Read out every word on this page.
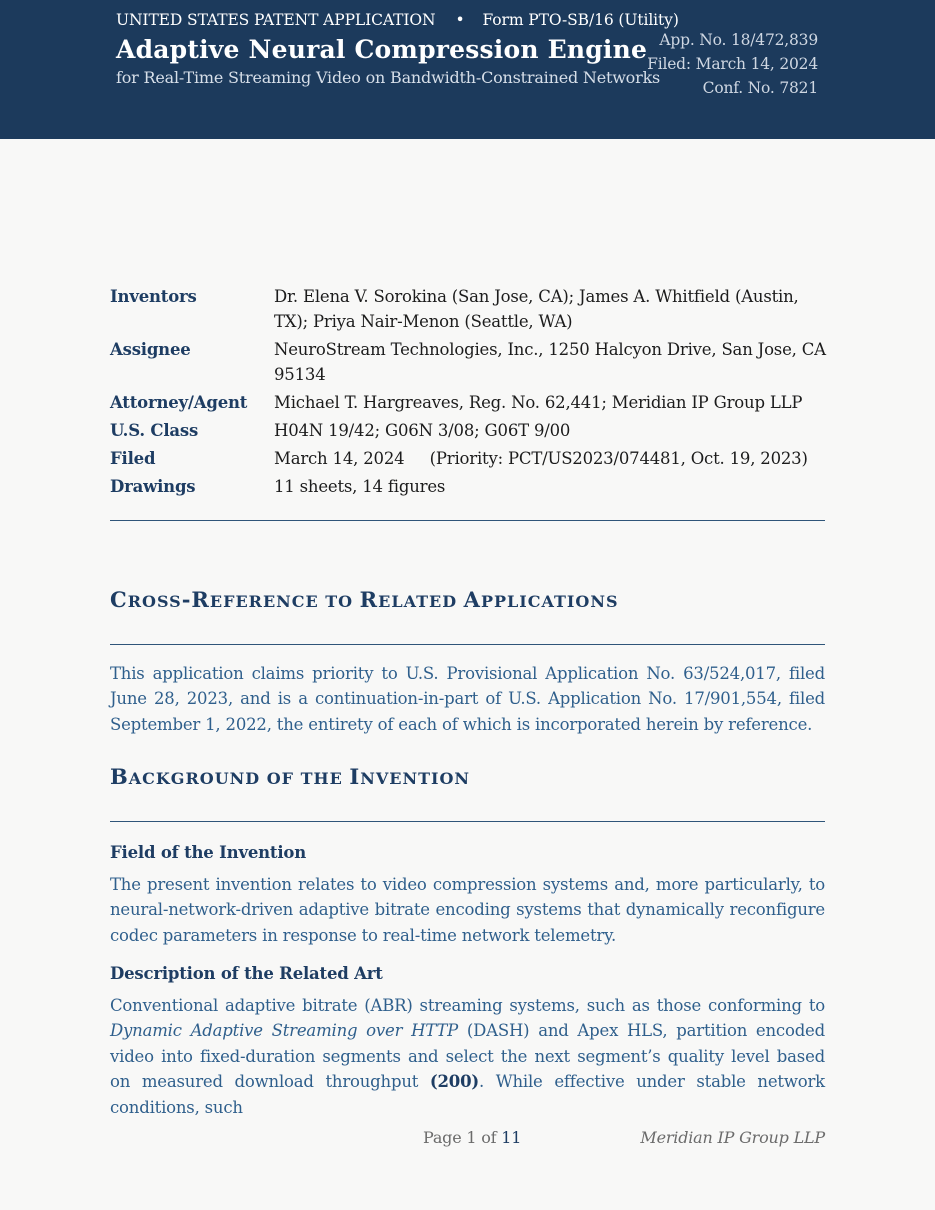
UNITED STATES PATENT APPLICATION • Form PTO-SB/16 (Utility)
Adaptive Neural Compression Engine
for Real-Time Streaming Video on Bandwidth-Constrained Networks
App. No. 18/472,839
Filed: March 14, 2024
Conf. No. 7821
Inventors	Dr. Elena V. Sorokina (San Jose, CA); James A. Whitfield (Austin, TX); Priya Nair-Menon (Seattle, WA)
Assignee	NeuroStream Technologies, Inc., 1250 Halcyon Drive, San Jose, CA 95134
Attorney/Agent	Michael T. Hargreaves, Reg. No. 62,441; Meridian IP Group LLP
U.S. Class	H04N 19/42; G06N 3/08; G06T 9/00
Filed	March 14, 2024     (Priority: PCT/US2023/074481, Oct. 19, 2023)
Drawings	11 sheets, 14 figures
CROSS-REFERENCE TO RELATED APPLICATIONS
This application claims priority to U.S. Provisional Application No. 63/524,017, filed June 28, 2023, and is a continuation-in-part of U.S. Application No. 17/901,554, filed September 1, 2022, the entirety of each of which is incorporated herein by reference.
BACKGROUND OF THE INVENTION
Field of the Invention
The present invention relates to video compression systems and, more particularly, to neural-network-driven adaptive bitrate encoding systems that dynamically reconfigure codec parameters in response to real-time network telemetry.
Description of the Related Art
Conventional adaptive bitrate (ABR) streaming systems, such as those conforming to Dynamic Adaptive Streaming over HTTP (DASH) and Apex HLS, partition encoded video into fixed-duration segments and select the next segment’s quality level based on measured download throughput (200). While effective under stable network conditions, such
Page 1 of 11	Meridian IP Group LLP
